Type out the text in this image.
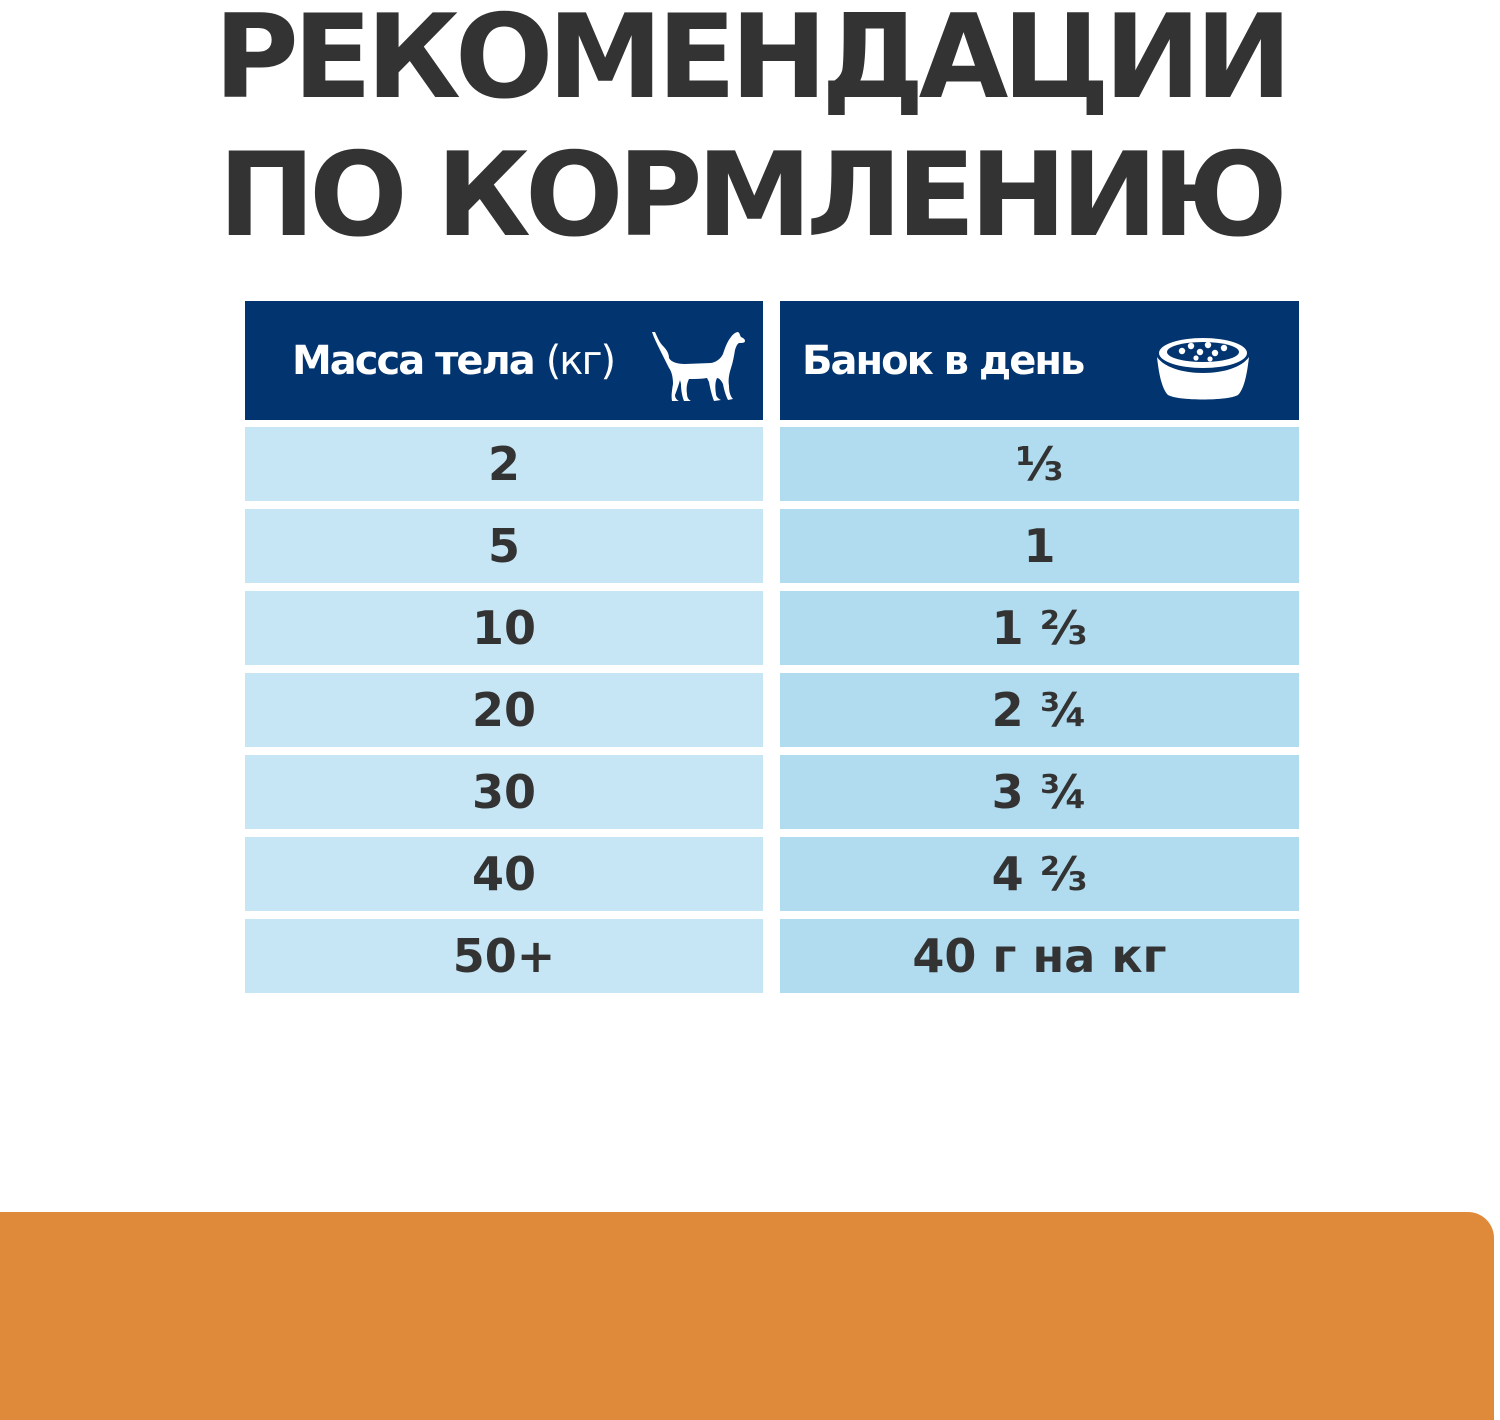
РЕКОМЕНДАЦИИ
ПО КОРМЛЕНИЮ
Масса тела (кг)
2
5
10
20
30
40
50+
Банок в день
⅓
1
1 ⅔
2 ¾
3 ¾
4 ⅔
40 г на кг
